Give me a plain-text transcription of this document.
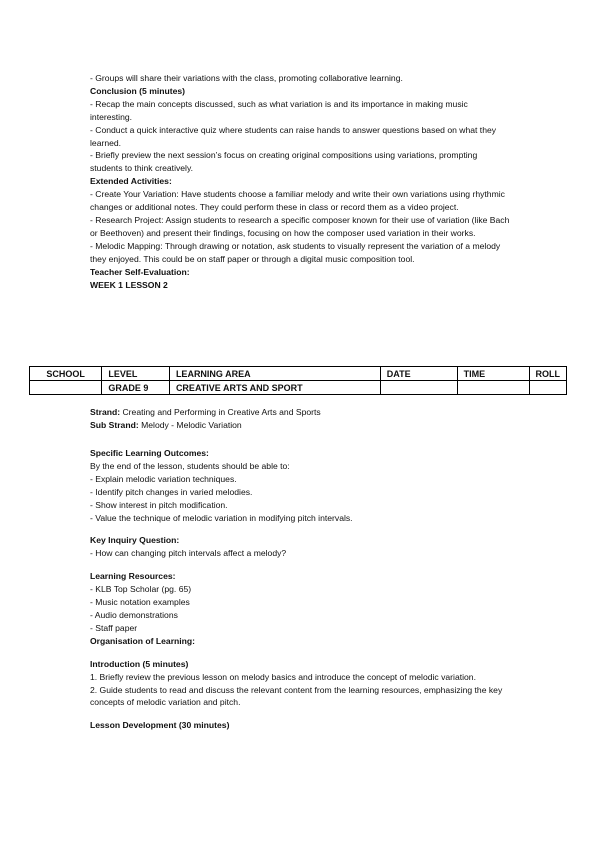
- Groups will share their variations with the class, promoting collaborative learning.

Conclusion (5 minutes)

- Recap the main concepts discussed, such as what variation is and its importance in making music interesting.

- Conduct a quick interactive quiz where students can raise hands to answer questions based on what they learned.

- Briefly preview the next session’s focus on creating original compositions using variations, prompting students to think creatively.

Extended Activities:

- Create Your Variation: Have students choose a familiar melody and write their own variations using rhythmic changes or additional notes. They could perform these in class or record them as a video project.

- Research Project: Assign students to research a specific composer known for their use of variation (like Bach or Beethoven) and present their findings, focusing on how the composer used variation in their works.

- Melodic Mapping: Through drawing or notation, ask students to visually represent the variation of a melody they enjoyed. This could be on staff paper or through a digital music composition tool.

Teacher Self-Evaluation:

WEEK 1 LESSON 2

SCHOOL	LEVEL	LEARNING AREA	DATE	TIME	ROLL
	GRADE 9	CREATIVE ARTS AND SPORT			

Strand: Creating and Performing in Creative Arts and Sports

Sub Strand: Melody - Melodic Variation

Specific Learning Outcomes:

By the end of the lesson, students should be able to:

- Explain melodic variation techniques.

- Identify pitch changes in varied melodies.

- Show interest in pitch modification.

- Value the technique of melodic variation in modifying pitch intervals.

Key Inquiry Question:

- How can changing pitch intervals affect a melody?

Learning Resources:

- KLB Top Scholar (pg. 65)

- Music notation examples

- Audio demonstrations

- Staff paper

Organisation of Learning:

Introduction (5 minutes)

1. Briefly review the previous lesson on melody basics and introduce the concept of melodic variation.

2. Guide students to read and discuss the relevant content from the learning resources, emphasizing the key concepts of melodic variation and pitch.

Lesson Development (30 minutes)
